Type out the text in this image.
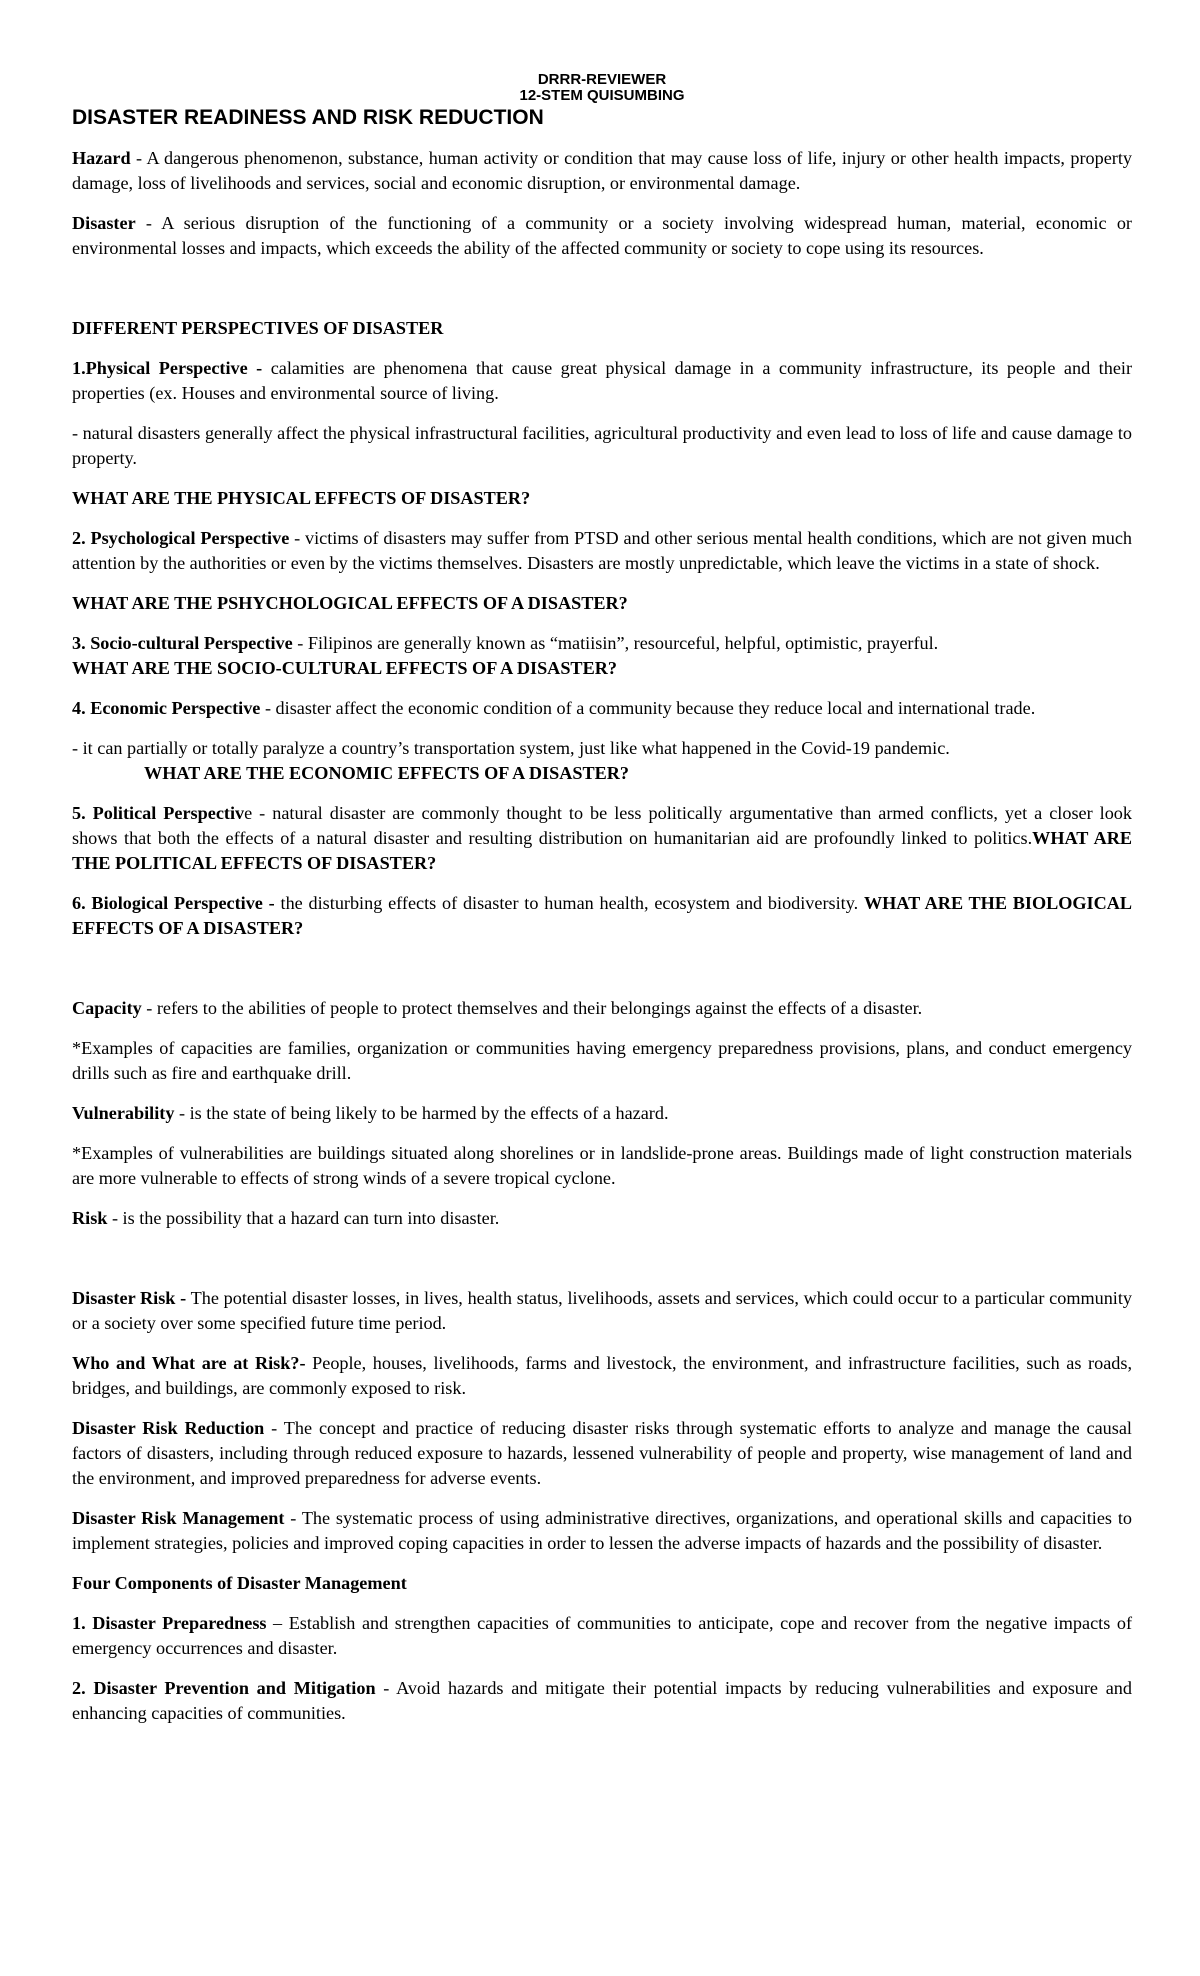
DRRR-REVIEWER
12-STEM QUISUMBING
DISASTER READINESS AND RISK REDUCTION

Hazard - A dangerous phenomenon, substance, human activity or condition that may cause loss of life, injury or other health impacts, property damage, loss of livelihoods and services, social and economic disruption, or environmental damage.

Disaster - A serious disruption of the functioning of a community or a society involving widespread human, material, economic or environmental losses and impacts, which exceeds the ability of the affected community or society to cope using its resources.

DIFFERENT PERSPECTIVES OF DISASTER

1.Physical Perspective - calamities are phenomena that cause great physical damage in a community infrastructure, its people and their properties (ex. Houses and environmental source of living.

- natural disasters generally affect the physical infrastructural facilities, agricultural productivity and even lead to loss of life and cause damage to property.

WHAT ARE THE PHYSICAL EFFECTS OF DISASTER?

2. Psychological Perspective - victims of disasters may suffer from PTSD and other serious mental health conditions, which are not given much attention by the authorities or even by the victims themselves. Disasters are mostly unpredictable, which leave the victims in a state of shock.

WHAT ARE THE PSHYCHOLOGICAL EFFECTS OF A DISASTER?

3. Socio-cultural Perspective - Filipinos are generally known as “matiisin”, resourceful, helpful, optimistic, prayerful.
WHAT ARE THE SOCIO-CULTURAL EFFECTS OF A DISASTER?

4. Economic Perspective - disaster affect the economic condition of a community because they reduce local and international trade.

- it can partially or totally paralyze a country’s transportation system, just like what happened in the Covid-19 pandemic.
WHAT ARE THE ECONOMIC EFFECTS OF A DISASTER?

5. Political Perspective - natural disaster are commonly thought to be less politically argumentative than armed conflicts, yet a closer look shows that both the effects of a natural disaster and resulting distribution on humanitarian aid are profoundly linked to politics.WHAT ARE THE POLITICAL EFFECTS OF DISASTER?

6. Biological Perspective - the disturbing effects of disaster to human health, ecosystem and biodiversity. WHAT ARE THE BIOLOGICAL EFFECTS OF A DISASTER?

Capacity - refers to the abilities of people to protect themselves and their belongings against the effects of a disaster.

*Examples of capacities are families, organization or communities having emergency preparedness provisions, plans, and conduct emergency drills such as fire and earthquake drill.

Vulnerability - is the state of being likely to be harmed by the effects of a hazard.

*Examples of vulnerabilities are buildings situated along shorelines or in landslide-prone areas. Buildings made of light construction materials are more vulnerable to effects of strong winds of a severe tropical cyclone.

Risk - is the possibility that a hazard can turn into disaster.

Disaster Risk - The potential disaster losses, in lives, health status, livelihoods, assets and services, which could occur to a particular community or a society over some specified future time period.

Who and What are at Risk?- People, houses, livelihoods, farms and livestock, the environment, and infrastructure facilities, such as roads, bridges, and buildings, are commonly exposed to risk.

Disaster Risk Reduction - The concept and practice of reducing disaster risks through systematic efforts to analyze and manage the causal factors of disasters, including through reduced exposure to hazards, lessened vulnerability of people and property, wise management of land and the environment, and improved preparedness for adverse events.

Disaster Risk Management - The systematic process of using administrative directives, organizations, and operational skills and capacities to implement strategies, policies and improved coping capacities in order to lessen the adverse impacts of hazards and the possibility of disaster.

Four Components of Disaster Management

1. Disaster Preparedness – Establish and strengthen capacities of communities to anticipate, cope and recover from the negative impacts of emergency occurrences and disaster.

2. Disaster Prevention and Mitigation - Avoid hazards and mitigate their potential impacts by reducing vulnerabilities and exposure and enhancing capacities of communities.
